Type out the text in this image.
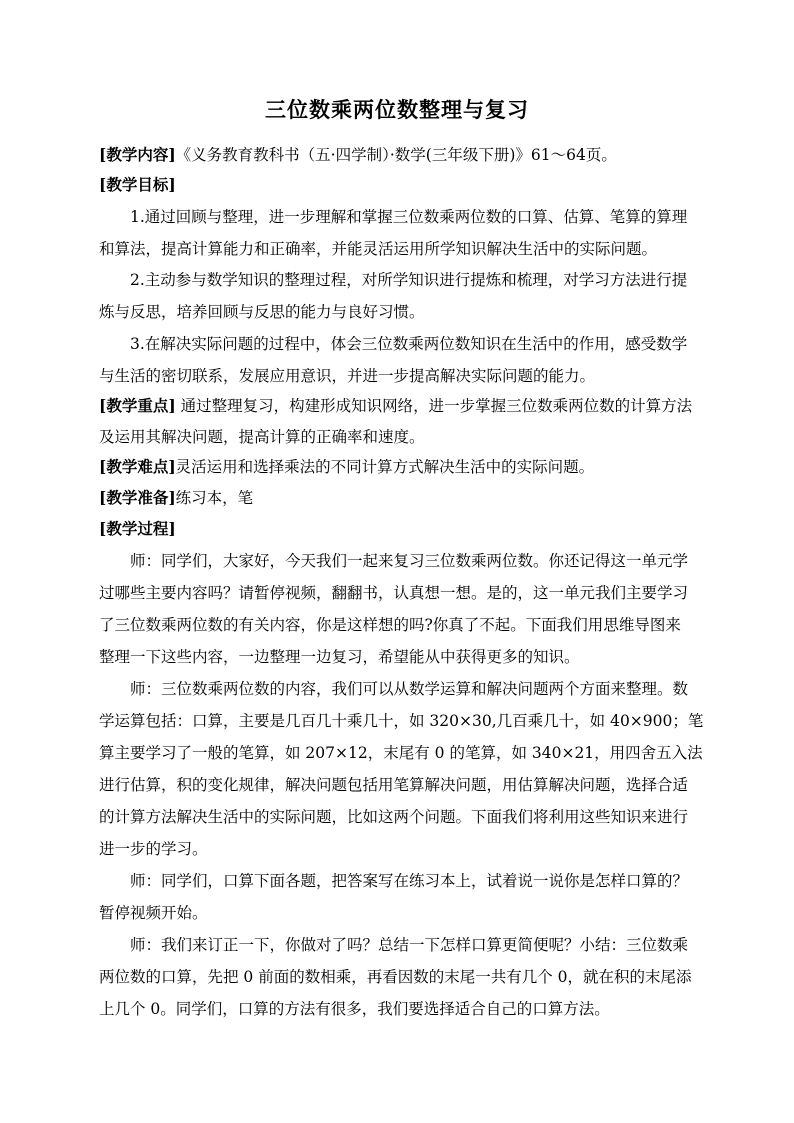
三位数乘两位数整理与复习
[教学内容]《义务教育教科书（五·四学制）·数学(三年级下册)》61～64页。
[教学目标]
　　1.通过回顾与整理，进一步理解和掌握三位数乘两位数的口算、估算、笔算的算理
和算法，提高计算能力和正确率，并能灵活运用所学知识解决生活中的实际问题。
　　2.主动参与数学知识的整理过程，对所学知识进行提炼和梳理，对学习方法进行提
炼与反思，培养回顾与反思的能力与良好习惯。
　　3.在解决实际问题的过程中，体会三位数乘两位数知识在生活中的作用，感受数学
与生活的密切联系，发展应用意识，并进一步提高解决实际问题的能力。
[教学重点] 通过整理复习，构建形成知识网络，进一步掌握三位数乘两位数的计算方法
及运用其解决问题，提高计算的正确率和速度。
[教学难点]灵活运用和选择乘法的不同计算方式解决生活中的实际问题。
[教学准备]练习本，笔
[教学过程]
　　师：同学们，大家好，今天我们一起来复习三位数乘两位数。你还记得这一单元学
过哪些主要内容吗？请暂停视频，翻翻书，认真想一想。是的，这一单元我们主要学习
了三位数乘两位数的有关内容，你是这样想的吗?你真了不起。下面我们用思维导图来
整理一下这些内容，一边整理一边复习，希望能从中获得更多的知识。
　　师：三位数乘两位数的内容，我们可以从数学运算和解决问题两个方面来整理。数
学运算包括：口算，主要是几百几十乘几十，如 320×30,几百乘几十，如 40×900；笔
算主要学习了一般的笔算，如 207×12，末尾有 0 的笔算，如 340×21，用四舍五入法
进行估算，积的变化规律，解决问题包括用笔算解决问题，用估算解决问题，选择合适
的计算方法解决生活中的实际问题，比如这两个问题。下面我们将利用这些知识来进行
进一步的学习。
　　师：同学们，口算下面各题，把答案写在练习本上，试着说一说你是怎样口算的？
暂停视频开始。
　　师：我们来订正一下，你做对了吗？总结一下怎样口算更简便呢？小结：三位数乘
两位数的口算，先把 0 前面的数相乘，再看因数的末尾一共有几个 0，就在积的末尾添
上几个 0。同学们，口算的方法有很多，我们要选择适合自己的口算方法。
